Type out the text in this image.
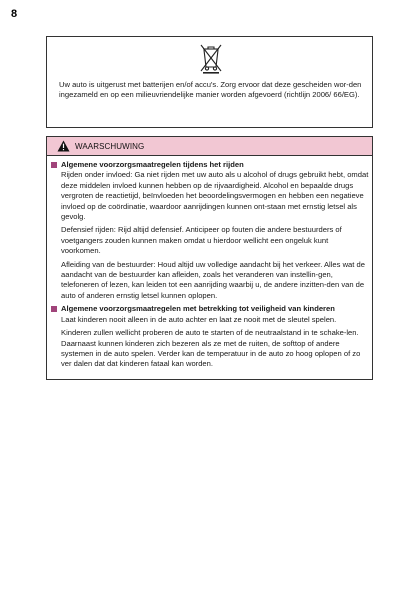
8

Uw auto is uitgerust met batterijen en/of accu's. Zorg ervoor dat deze gescheiden wor-den ingezameld en op een milieuvriendelijke manier worden afgevoerd (richtlijn 2006/ 66/EG).

WAARSCHUWING
Algemene voorzorgsmaatregelen tijdens het rijden

Rijden onder invloed: Ga niet rijden met uw auto als u alcohol of drugs gebruikt hebt, omdat deze middelen invloed kunnen hebben op de rijvaardigheid. Alcohol en bepaalde drugs vergroten de reactietijd, beïnvloeden het beoordelingsvermogen en hebben een negatieve invloed op de coördinatie, waardoor aanrijdingen kunnen ont-staan met ernstig letsel als gevolg.

Defensief rijden: Rijd altijd defensief. Anticipeer op fouten die andere bestuurders of voetgangers zouden kunnen maken omdat u hierdoor wellicht een ongeluk kunt voorkomen.

Afleiding van de bestuurder: Houd altijd uw volledige aandacht bij het verkeer. Alles wat de aandacht van de bestuurder kan afleiden, zoals het veranderen van instellin-gen, telefoneren of lezen, kan leiden tot een aanrijding waarbij u, de andere inzitten-den van de auto of anderen ernstig letsel kunnen oplopen.

Algemene voorzorgsmaatregelen met betrekking tot veiligheid van kinderen

Laat kinderen nooit alleen in de auto achter en laat ze nooit met de sleutel spelen.

Kinderen zullen wellicht proberen de auto te starten of de neutraalstand in te schake-len. Daarnaast kunnen kinderen zich bezeren als ze met de ruiten, de softtop of andere systemen in de auto spelen. Verder kan de temperatuur in de auto zo hoog oplopen of zo ver dalen dat dat kinderen fataal kan worden.
